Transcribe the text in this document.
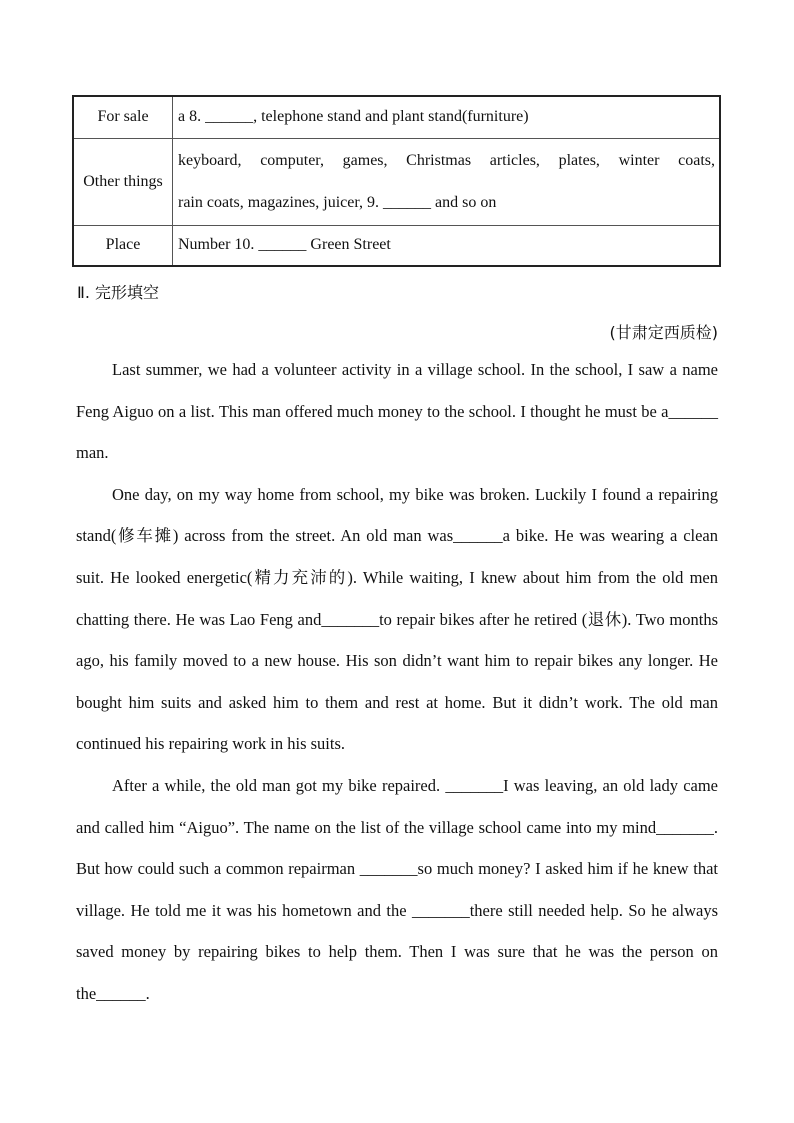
For sale	a 8. ______, telephone stand and plant stand(furniture)
Other things	keyboard, computer, games, Christmas articles, plates, winter coats,
rain coats, magazines, juicer, 9. ______ and so on

Place	Number 10. ______ Green Street
Ⅱ. 完形填空
(甘肃定西质检)

Last summer, we had a volunteer activity in a village school. In the school, I saw a name Feng Aiguo on a list. This man offered much money to the school. I thought he must be a______ man.

One day, on my way home from school, my bike was broken. Luckily I found a repairing stand(修车摊) across from the street. An old man was______a bike. He was wearing a clean suit. He looked energetic(精力充沛的). While waiting, I knew about him from the old men chatting there. He was Lao Feng and_______to repair bikes after he retired (退休). Two months ago, his family moved to a new house. His son didn’t want him to repair bikes any longer. He bought him suits and asked him to them and rest at home. But it didn’t work. The old man continued his repairing work in his suits.

After a while, the old man got my bike repaired. _______I was leaving, an old lady came and called him “Aiguo”. The name on the list of the village school came into my mind_______. But how could such a common repairman _______so much money? I asked him if he knew that village. He told me it was his hometown and the _______there still needed help. So he always saved money by repairing bikes to help them. Then I was sure that he was the person on the______.
